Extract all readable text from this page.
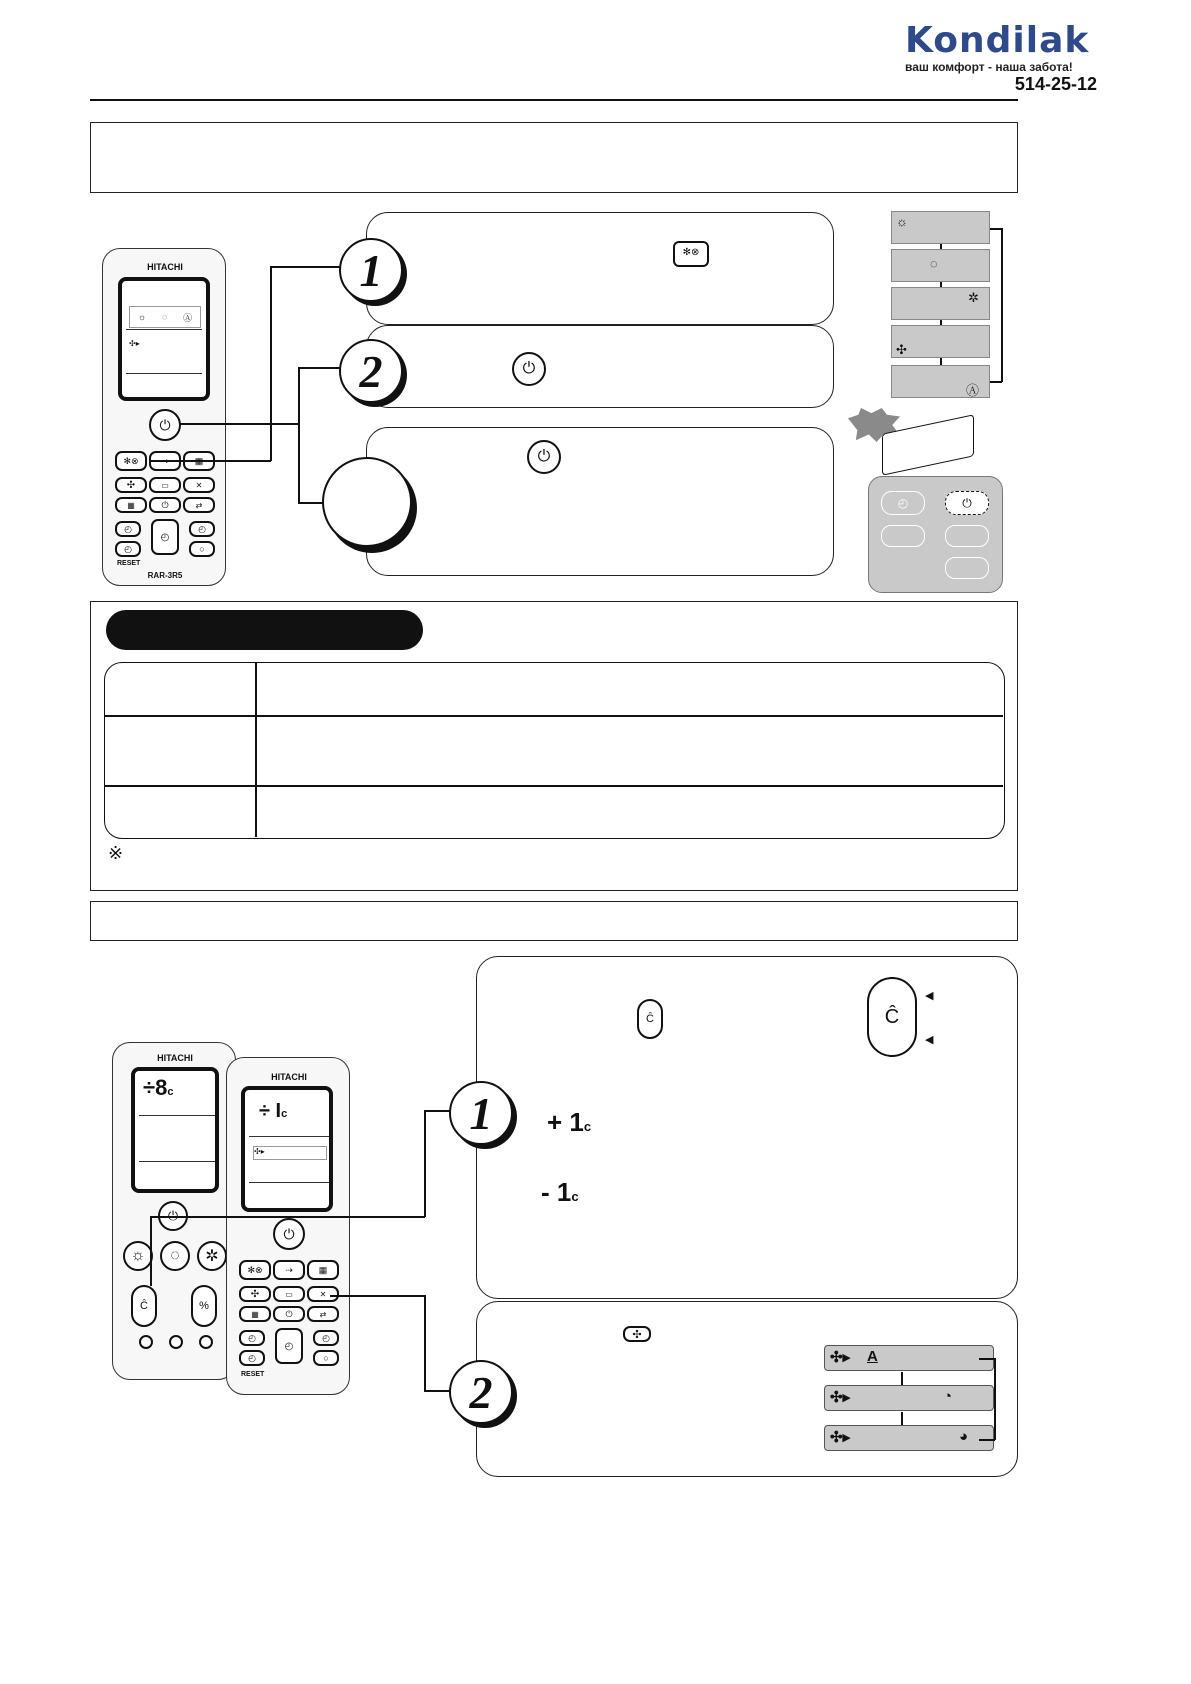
Kondilak
ваш комфорт - наша забота!
514-25-12
HITACHI
☼ ◌ Ⓐ
✣▸
⏻
✻⊗
✣	▭	✕
▦	⏻	⇄
◴
◴
◴
◴	○
RESET
RAR-3R5
✻⊗
1
⏻
2
⏻
☼
◌
✲
✣
Ⓐ
◴	⏻
※
HITACHI
÷8c
☼	◌	✲
Ĉ	%
HITACHI
÷ Ic
✣▸
⏻
✻⊗	⇢	▦
✣	▭	✕
▦	⏻	⇄
◴
◴
◴
◴	○
RESET
Ĉ	Ĉ
◀
◀
+ 1c
- 1c
1
✣
✣▸ A
✣▸	◔
✣▸	◕
2
